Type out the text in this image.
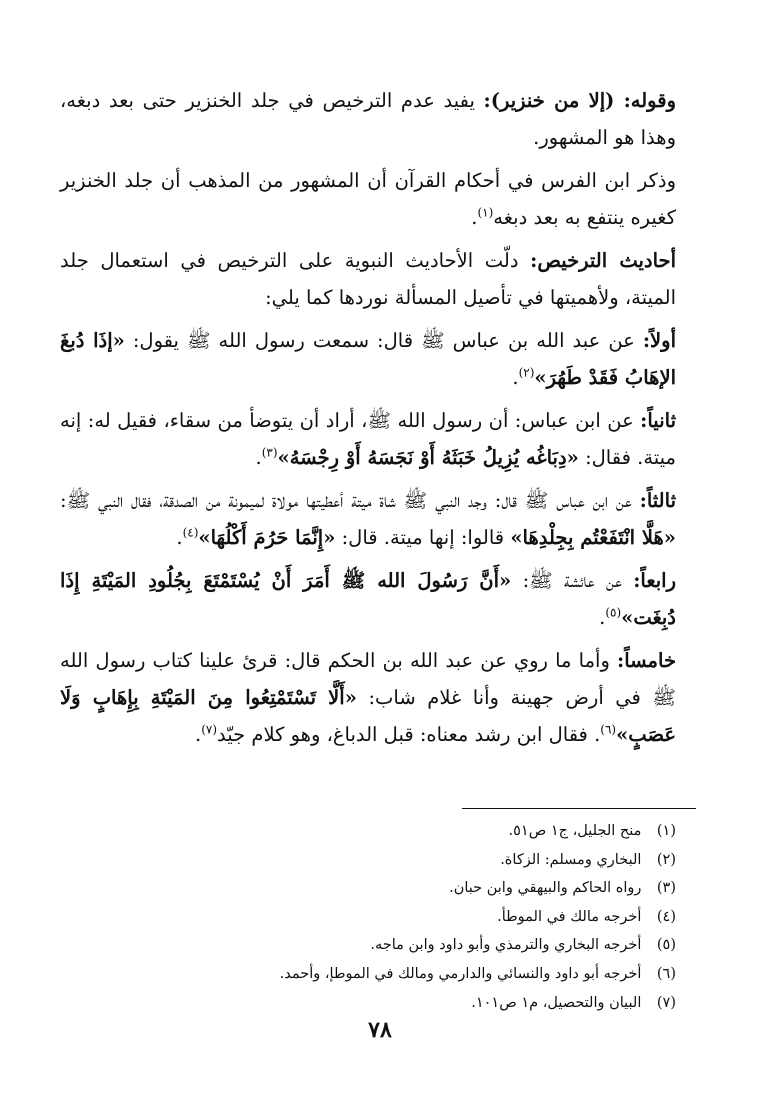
وقوله: (إلا من خنزير): يفيد عدم الترخيص في جلد الخنزير حتى بعد دبغه، وهذا هو المشهور.

وذكر ابن الفرس في أحكام القرآن أن المشهور من المذهب أن جلد الخنزير كغيره ينتفع به بعد دبغه$^{(١)}$.

أحاديث الترخيص: دلّت الأحاديث النبوية على الترخيص في استعمال جلد الميتة، ولأهميتها في تأصيل المسألة نوردها كما يلي:

أولاً: عن عبد الله بن عباس ﷺ قال: سمعت رسول الله ﷺ يقول: «إذَا دُبغَ الإهَابُ فَقَدْ طَهُرَ»$^{(٢)}$.

ثانياً: عن ابن عباس: أن رسول الله ﷺ، أراد أن يتوضأ من سقاء، فقيل له: إنه ميتة. فقال: «دِبَاغُه يُزِيلُ خَبَثَهُ أَوْ نَجَسَهُ أَوْ رِجْسَهُ»$^{(٣)}$.

ثالثاً: عن ابن عباس ﷺ قال: وجد النبي ﷺ شاة ميتة أعطيتها مولاة لميمونة من الصدقة، فقال النبي ﷺ: «هَلَّا انْتَفَعْتُم بِجِلْدِهَا» قالوا: إنها ميتة. قال: «إِنَّمَا حَرُمَ أَكْلُهَا»$^{(٤)}$.

رابعاً: عن عائشة ﷺ: «أَنَّ رَسُولَ الله ﷺ أَمَرَ أَنْ يُسْتَمْتَعَ بِجُلُودِ المَيْتَةِ إِذَا دُبِغَت»$^{(٥)}$.

خامساً: وأما ما روي عن عبد الله بن الحكم قال: قرئ علينا كتاب رسول الله ﷺ في أرض جهينة وأنا غلام شاب: «أَلَّا تَسْتَمْتِعُوا مِنَ المَيْتَةِ بِإِهَابٍ وَلَا عَصَبٍ»$^{(٦)}$. فقال ابن رشد معناه: قبل الدباغ، وهو كلام جيّد$^{(٧)}$.

(١) منح الجليل، ج١ ص٥١.
(٢) البخاري ومسلم: الزكاة.
(٣) رواه الحاكم والبيهقي وابن حبان.
(٤) أخرجه مالك في الموطأ.
(٥) أخرجه البخاري والترمذي وأبو داود وابن ماجه.
(٦) أخرجه أبو داود والنسائي والدارمي ومالك في الموطإ، وأحمد.
(٧) البيان والتحصيل، م١ ص١٠١.
٧٨
